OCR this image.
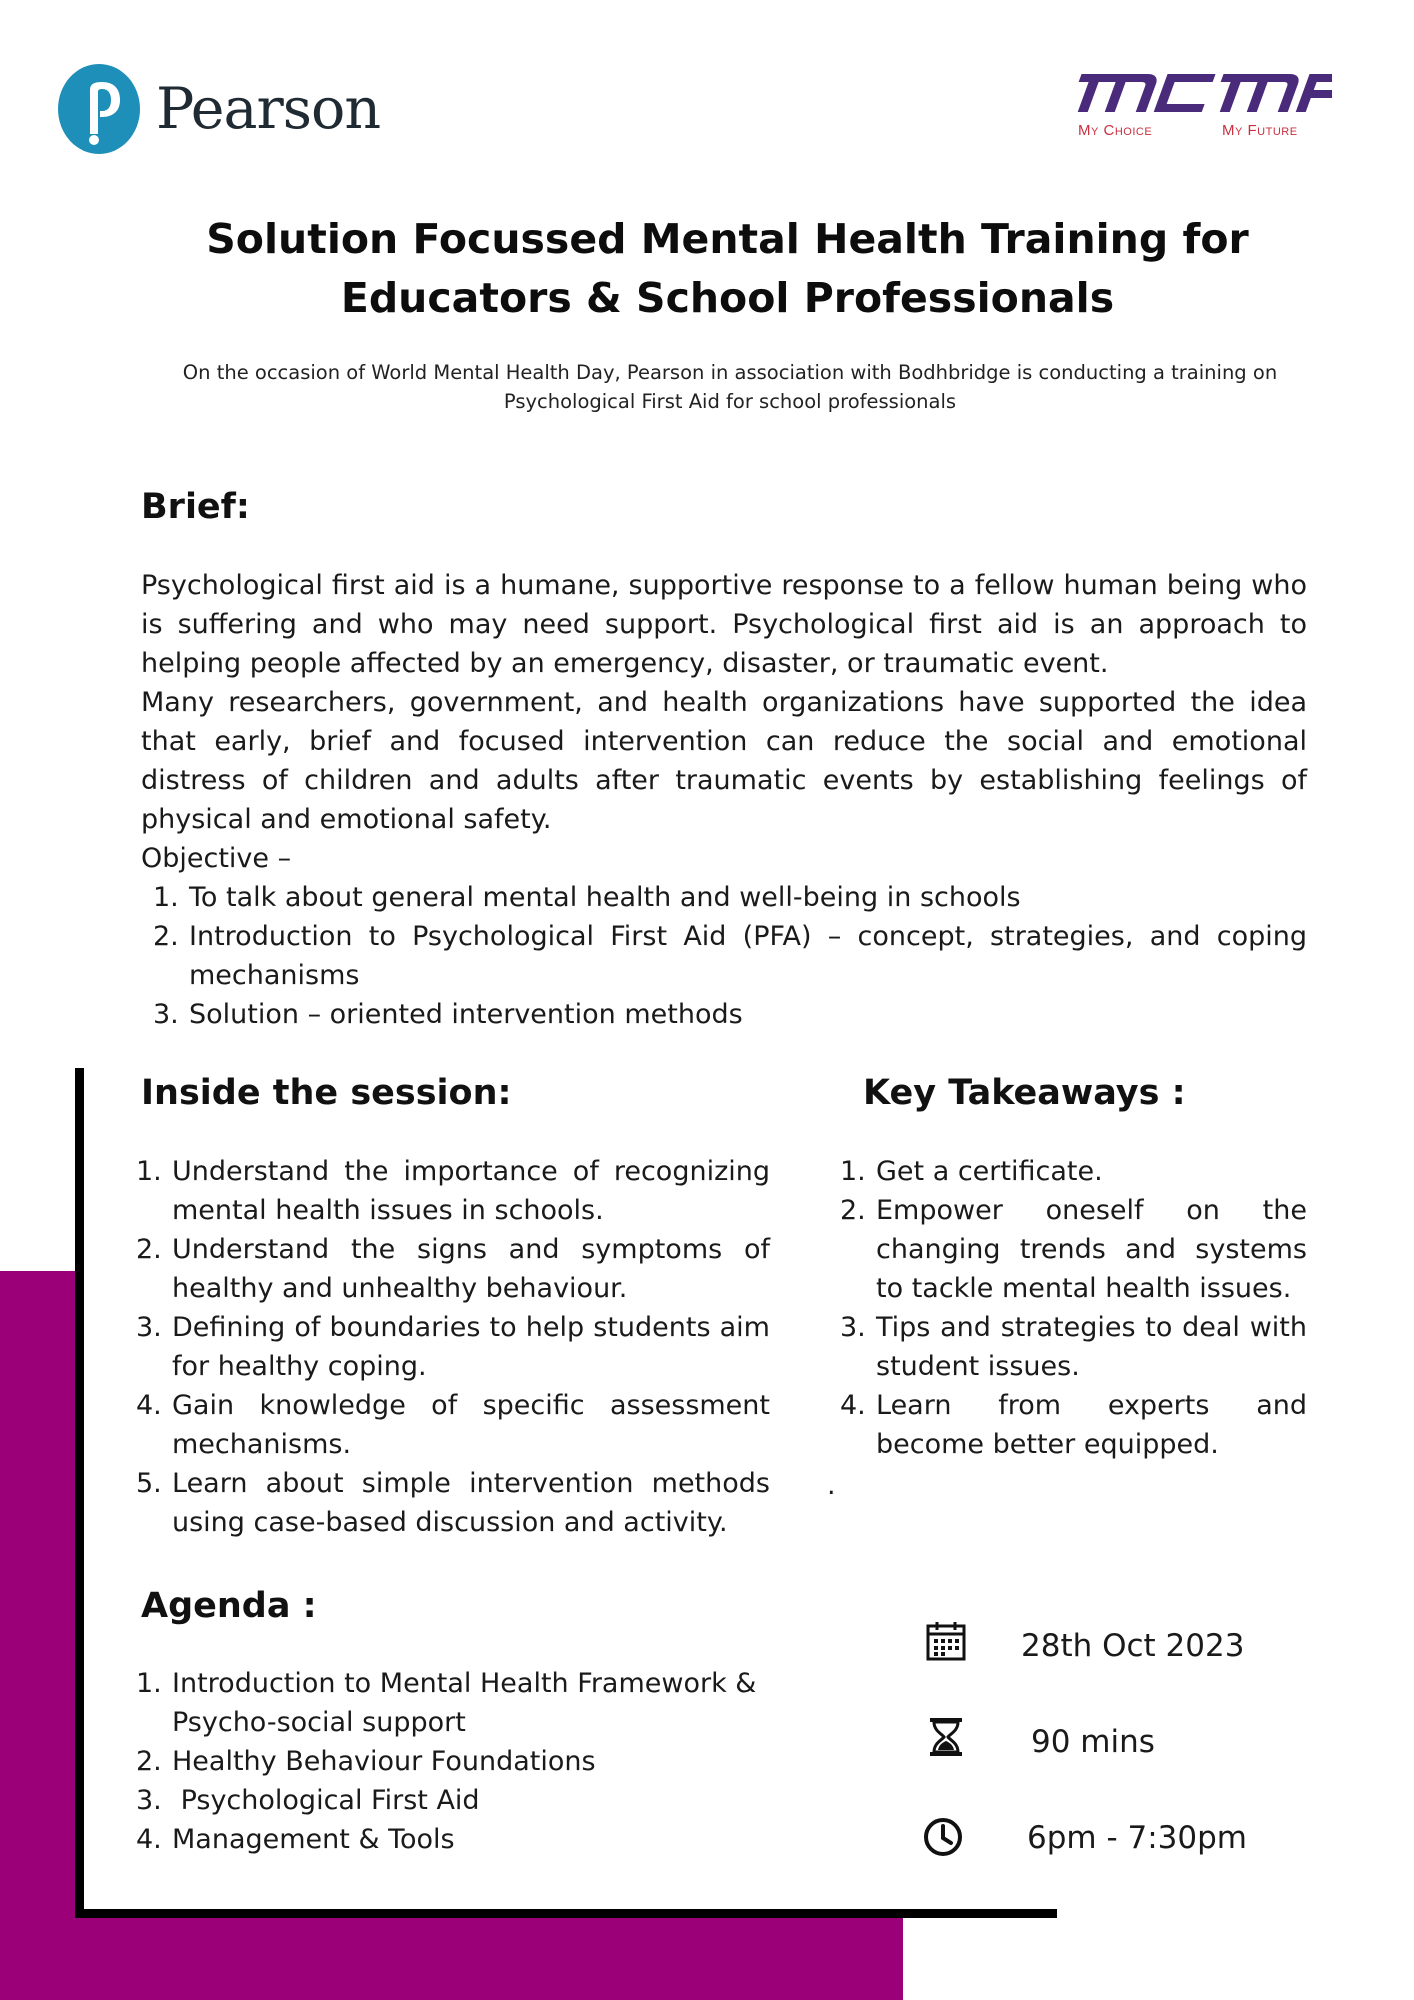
Pearson	My Choice	My Future
Solution Focussed Mental Health Training for
Educators & School Professionals
On the occasion of World Mental Health Day, Pearson in association with Bodhbridge is conducting a training on
Psychological First Aid for school professionals
Brief:

Psychological first aid is a humane, supportive response to a fellow human being who is suffering and who may need support. Psychological first aid is an approach to helping people affected by an emergency, disaster, or traumatic event.

Many researchers, government, and health organizations have supported the idea that early, brief and focused intervention can reduce the social and emotional distress of children and adults after traumatic events by establishing feelings of physical and emotional safety.

Objective –

1. To talk about general mental health and well-being in schools
2. Introduction to Psychological First Aid (PFA) – concept, strategies, and coping mechanisms
3. Solution – oriented intervention methods
Inside the session:
1. Understand the importance of recognizing mental health issues in schools.
2. Understand the signs and symptoms of healthy and unhealthy behaviour.
3. Defining of boundaries to help students aim for healthy coping.
4. Gain knowledge of specific assessment mechanisms.
5. Learn about simple intervention methods using case-based discussion and activity.
Key Takeaways :
1. Get a certificate.
2. Empower oneself on the changing trends and systems to tackle mental health issues.
3. Tips and strategies to deal with student issues.
4. Learn from experts and become better equipped.
.
Agenda :
1. Introduction to Mental Health Framework & Psycho-social support
2. Healthy Behaviour Foundations
3. Psychological First Aid
4. Management & Tools
28th Oct 2023
90 mins
6pm - 7:30pm
